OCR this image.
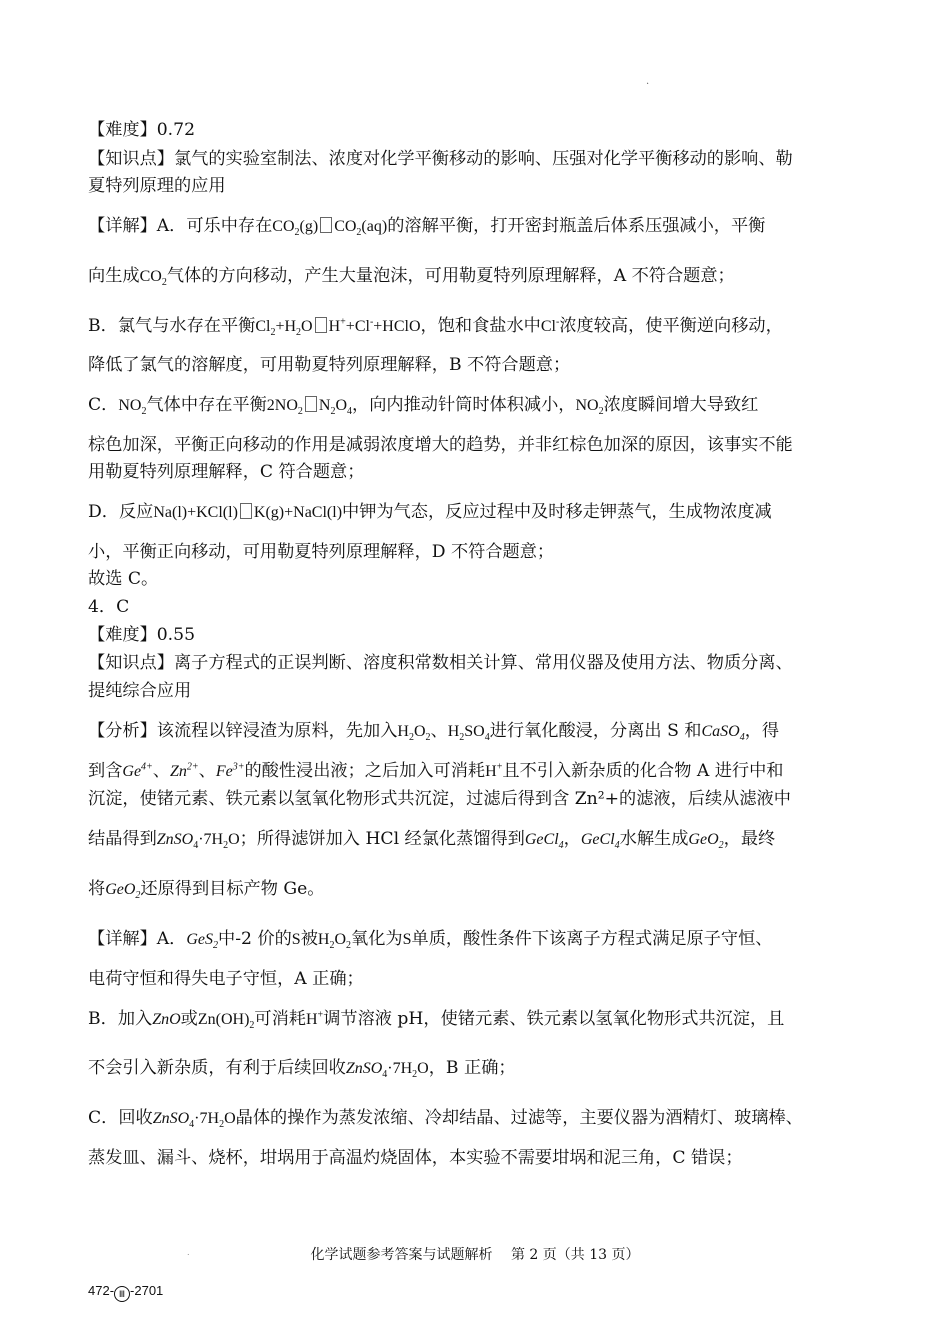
.
【难度】0.72
【知识点】氯气的实验室制法、浓度对化学平衡移动的影响、压强对化学平衡移动的影响、勒
夏特列原理的应用
【详解】A．可乐中存在$CO_2(g)$ $CO_2(aq)$的溶解平衡，打开密封瓶盖后体系压强减小，平衡
向生成$CO_2$气体的方向移动，产生大量泡沫，可用勒夏特列原理解释，A 不符合题意；
B．氯气与水存在平衡$Cl_2+H_2O$ H++Cl-+HClO，饱和食盐水中Cl-浓度较高，使平衡逆向移动，
降低了氯气的溶解度，可用勒夏特列原理解释，B 不符合题意；
C．$NO_2$气体中存在平衡$2NO_2$ $N_2O_4$，向内推动针筒时体积减小，$NO_2$浓度瞬间增大导致红
棕色加深，平衡正向移动的作用是减弱浓度增大的趋势，并非红棕色加深的原因，该事实不能
用勒夏特列原理解释，C 符合题意；
D．反应Na(l)+KCl(l) K(g)+NaCl(l)中钾为气态，反应过程中及时移走钾蒸气，生成物浓度减
小，平衡正向移动，可用勒夏特列原理解释，D 不符合题意；
故选 C。
4．C
【难度】0.55
【知识点】离子方程式的正误判断、溶度积常数相关计算、常用仪器及使用方法、物质分离、
提纯综合应用
【分析】该流程以锌浸渣为原料，先加入$H_2O_2$、$H_2SO_4$进行氧化酸浸，分离出 S 和CaSO$_4$，得
到含$Ge^{4+}$、$Zn^{2+}$、$Fe^{3+}$的酸性浸出液；之后加入可消耗H+且不引入新杂质的化合物 A 进行中和
沉淀，使锗元素、铁元素以氢氧化物形式共沉淀，过滤后得到含 Zn²+的滤液，后续从滤液中
结晶得到$ZnSO_4\cdot 7H_2O$；所得滤饼加入 HCl 经氯化蒸馏得到GeCl$_4$，GeCl$_4$水解生成GeO$_2$，最终
将GeO$_2$还原得到目标产物 Ge。
【详解】A．GeS$_2$中-2 价的S被$H_2O_2$氧化为S单质，酸性条件下该离子方程式满足原子守恒、
电荷守恒和得失电子守恒，A 正确；
B．加入ZnO或$Zn(OH)_2$可消耗H+调节溶液 pH，使锗元素、铁元素以氢氧化物形式共沉淀，且
不会引入新杂质，有利于后续回收$ZnSO_4\cdot 7H_2O$，B 正确；
C．回收$ZnSO_4\cdot 7H_2O$晶体的操作为蒸发浓缩、冷却结晶、过滤等，主要仪器为酒精灯、玻璃棒、
蒸发皿、漏斗、烧杯，坩埚用于高温灼烧固体，本实验不需要坩埚和泥三角，C 错误；
.	化学试题参考答案与试题解析　 第 2 页（共 13 页）
472- Ⅲ -2701
